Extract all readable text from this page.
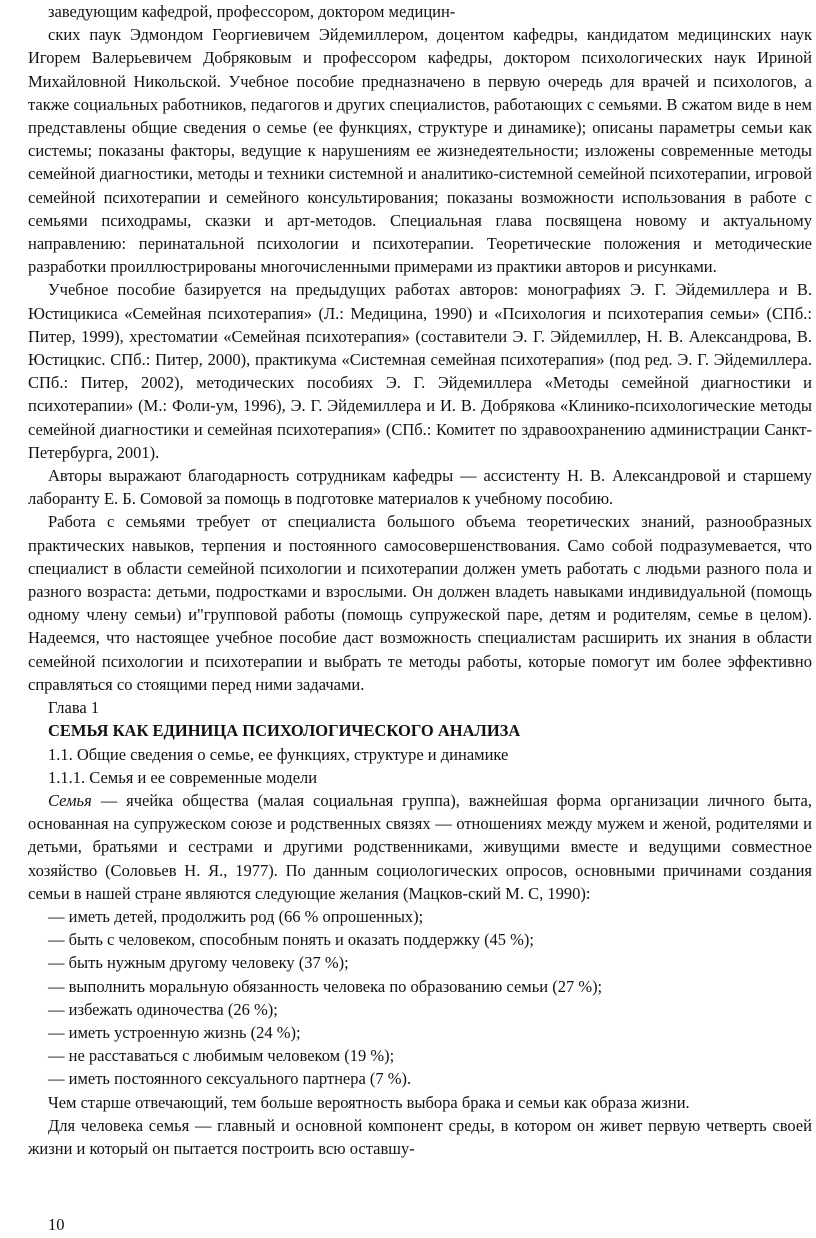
заведующим кафедрой, профессором, доктором медицин-

ских паук Эдмондом Георгиевичем Эйдемиллером, доцентом кафедры, кандидатом медицинских наук Игорем Валерьевичем Добряковым и профессором кафедры, доктором психологических наук Ириной Михайловной Никольской. Учебное пособие предназначено в первую очередь для врачей и психологов, а также социальных работников, педагогов и других специалистов, работающих с семьями. В сжатом виде в нем представлены общие сведения о семье (ее функциях, структуре и динамике); описаны параметры семьи как системы; показаны факторы, ведущие к нарушениям ее жизнедеятельности; изложены современные методы семейной диагностики, методы и техники системной и аналитико-системной семейной психотерапии, игровой семейной психотерапии и семейного консультирования; показаны возможности использования в работе с семьями психодрамы, сказки и арт-методов. Специальная глава посвящена новому и актуальному направлению: перинатальной психологии и психотерапии. Теоретические положения и методические разработки проиллюстрированы многочисленными примерами из практики авторов и рисунками.

Учебное пособие базируется на предыдущих работах авторов: монографиях Э. Г. Эйдемиллера и В. Юстицикиса «Семейная психотерапия» (Л.: Медицина, 1990) и «Психология и психотерапия семьи» (СПб.: Питер, 1999), хрестоматии «Семейная психотерапия» (составители Э. Г. Эйдемиллер, Н. В. Александрова, В. Юстицкис. СПб.: Питер, 2000), практикума «Системная семейная психотерапия» (под ред. Э. Г. Эйдемиллера. СПб.: Питер, 2002), методических пособиях Э. Г. Эйдемиллера «Методы семейной диагностики и психотерапии» (М.: Фоли-ум, 1996), Э. Г. Эйдемиллера и И. В. Добрякова «Клинико-психологические методы семейной диагностики и семейная психотерапия» (СПб.: Комитет по здравоохранению администрации Санкт-Петербурга, 2001).

Авторы выражают благодарность сотрудникам кафедры — ассистенту Н. В. Александровой и старшему лаборанту Е. Б. Сомовой за помощь в подготовке материалов к учебному пособию.

Работа с семьями требует от специалиста большого объема теоретических знаний, разнообразных практических навыков, терпения и постоянного самосовершенствования. Само собой подразумевается, что специалист в области семейной психологии и психотерапии должен уметь работать с людьми разного пола и разного возраста: детьми, подростками и взрослыми. Он должен владеть навыками индивидуальной (помощь одному члену семьи) и"групповой работы (помощь супружеской паре, детям и родителям, семье в целом). Надеемся, что настоящее учебное пособие даст возможность специалистам расширить их знания в области семейной психологии и психотерапии и выбрать те методы работы, которые помогут им более эффективно справляться со стоящими перед ними задачами.

Глава 1

СЕМЬЯ КАК ЕДИНИЦА ПСИХОЛОГИЧЕСКОГО АНАЛИЗА

1.1. Общие сведения о семье, ее функциях, структуре и динамике

1.1.1. Семья и ее современные модели

Семья — ячейка общества (малая социальная группа), важнейшая форма организации личного быта, основанная на супружеском союзе и родственных связях — отношениях между мужем и женой, родителями и детьми, братьями и сестрами и другими родственниками, живущими вместе и ведущими совместное хозяйство (Соловьев Н. Я., 1977). По данным социологических опросов, основными причинами создания семьи в нашей стране являются следующие желания (Мацков-ский М. С, 1990):

— иметь детей, продолжить род (66 % опрошенных);

— быть с человеком, способным понять и оказать поддержку (45 %);

— быть нужным другому человеку (37 %);

— выполнить моральную обязанность человека по образованию семьи (27 %);

— избежать одиночества (26 %);

— иметь устроенную жизнь (24 %);

— не расставаться с любимым человеком (19 %);

— иметь постоянного сексуального партнера (7 %).

Чем старше отвечающий, тем больше вероятность выбора брака и семьи как образа жизни.

Для человека семья — главный и основной компонент среды, в котором он живет первую четверть своей жизни и который он пытается построить всю оставшу-

10
